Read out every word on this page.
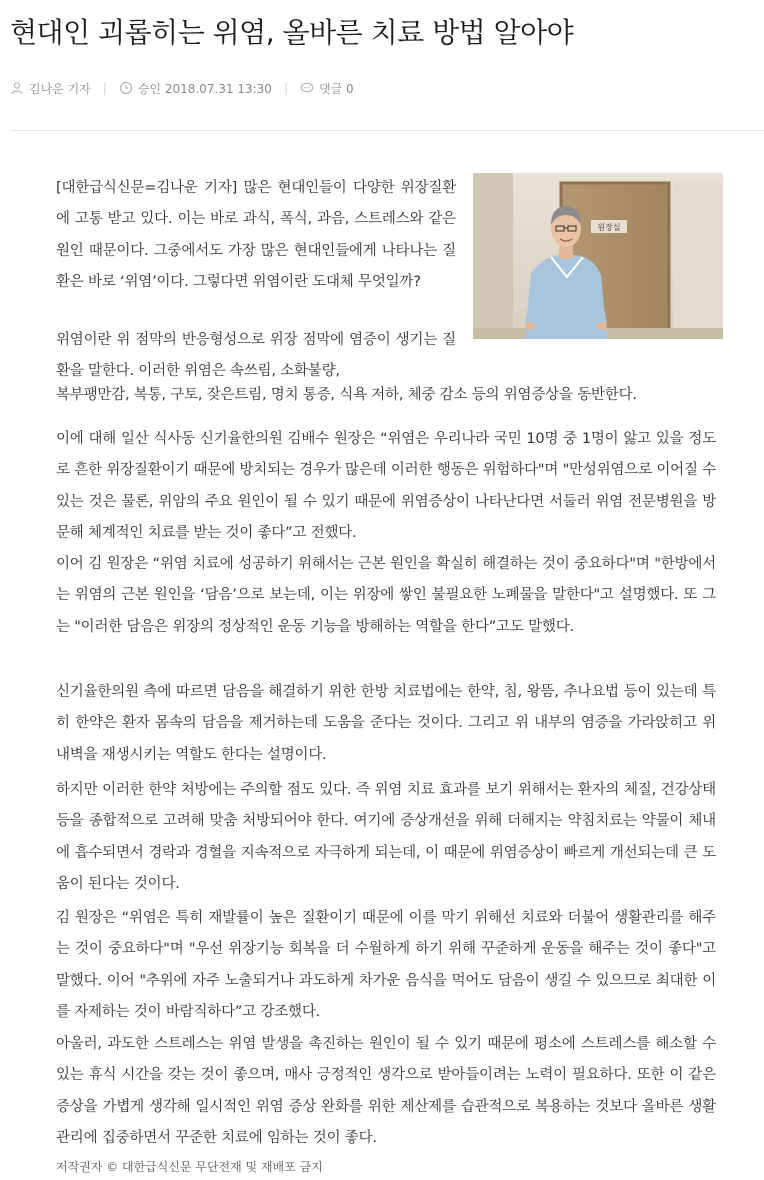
현대인 괴롭히는 위염, 올바른 치료 방법 알아야
김나운 기자 |	승인 2018.07.31 13:30 |	댓글 0
원장실

[대한급식신문=김나운 기자] 많은 현대인들이 다양한 위장질환에 고통 받고 있다. 이는 바로 과식, 폭식, 과음, 스트레스와 같은 원인 때문이다. 그중에서도 가장 많은 현대인들에게 나타나는 질환은 바로 ‘위염’이다. 그렇다면 위염이란 도대체 무엇일까?

위염이란 위 점막의 반응형성으로 위장 점막에 염증이 생기는 질환을 말한다. 이러한 위염은 속쓰림, 소화불량,

복부팽만감, 복통, 구토, 잦은트림, 명치 통증, 식욕 저하, 체중 감소 등의 위염증상을 동반한다.

이에 대해 일산 식사동 신기율한의원 김배수 원장은 “위염은 우리나라 국민 10명 중 1명이 앓고 있을 정도로 흔한 위장질환이기 때문에 방치되는 경우가 많은데 이러한 행동은 위험하다"며 "만성위염으로 이어질 수 있는 것은 물론, 위암의 주요 원인이 될 수 있기 때문에 위염증상이 나타난다면 서둘러 위염 전문병원을 방문해 체계적인 치료를 받는 것이 좋다”고 전했다.

이어 김 원장은 “위염 치료에 성공하기 위해서는 근본 원인을 확실히 해결하는 것이 중요하다"며 "한방에서는 위염의 근본 원인을 ‘담음’으로 보는데, 이는 위장에 쌓인 불필요한 노폐물을 말한다"고 설명했다. 또 그는 "이러한 담음은 위장의 정상적인 운동 기능을 방해하는 역할을 한다”고도 말했다.

신기율한의원 측에 따르면 담음을 해결하기 위한 한방 치료법에는 한약, 침, 왕뜸, 추나요법 등이 있는데 특히 한약은 환자 몸속의 담음을 제거하는데 도움을 준다는 것이다. 그리고 위 내부의 염증을 가라앉히고 위 내벽을 재생시키는 역할도 한다는 설명이다.

하지만 이러한 한약 처방에는 주의할 점도 있다. 즉 위염 치료 효과를 보기 위해서는 환자의 체질, 건강상태 등을 종합적으로 고려해 맞춤 처방되어야 한다. 여기에 증상개선을 위해 더해지는 약침치료는 약물이 체내에 흡수되면서 경락과 경혈을 지속적으로 자극하게 되는데, 이 때문에 위염증상이 빠르게 개선되는데 큰 도움이 된다는 것이다.

김 원장은 “위염은 특히 재발률이 높은 질환이기 때문에 이를 막기 위해선 치료와 더불어 생활관리를 해주는 것이 중요하다"며 "우선 위장기능 회복을 더 수월하게 하기 위해 꾸준하게 운동을 해주는 것이 좋다"고 말했다. 이어 "추위에 자주 노출되거나 과도하게 차가운 음식을 먹어도 담음이 생길 수 있으므로 최대한 이를 자제하는 것이 바람직하다”고 강조했다.

아울러, 과도한 스트레스는 위염 발생을 촉진하는 원인이 될 수 있기 때문에 평소에 스트레스를 해소할 수 있는 휴식 시간을 갖는 것이 좋으며, 매사 긍정적인 생각으로 받아들이려는 노력이 필요하다. 또한 이 같은 증상을 가볍게 생각해 일시적인 위염 증상 완화를 위한 제산제를 습관적으로 복용하는 것보다 올바른 생활관리에 집중하면서 꾸준한 치료에 임하는 것이 좋다.

저작권자 © 대한급식신문 무단전재 및 재배포 금지
